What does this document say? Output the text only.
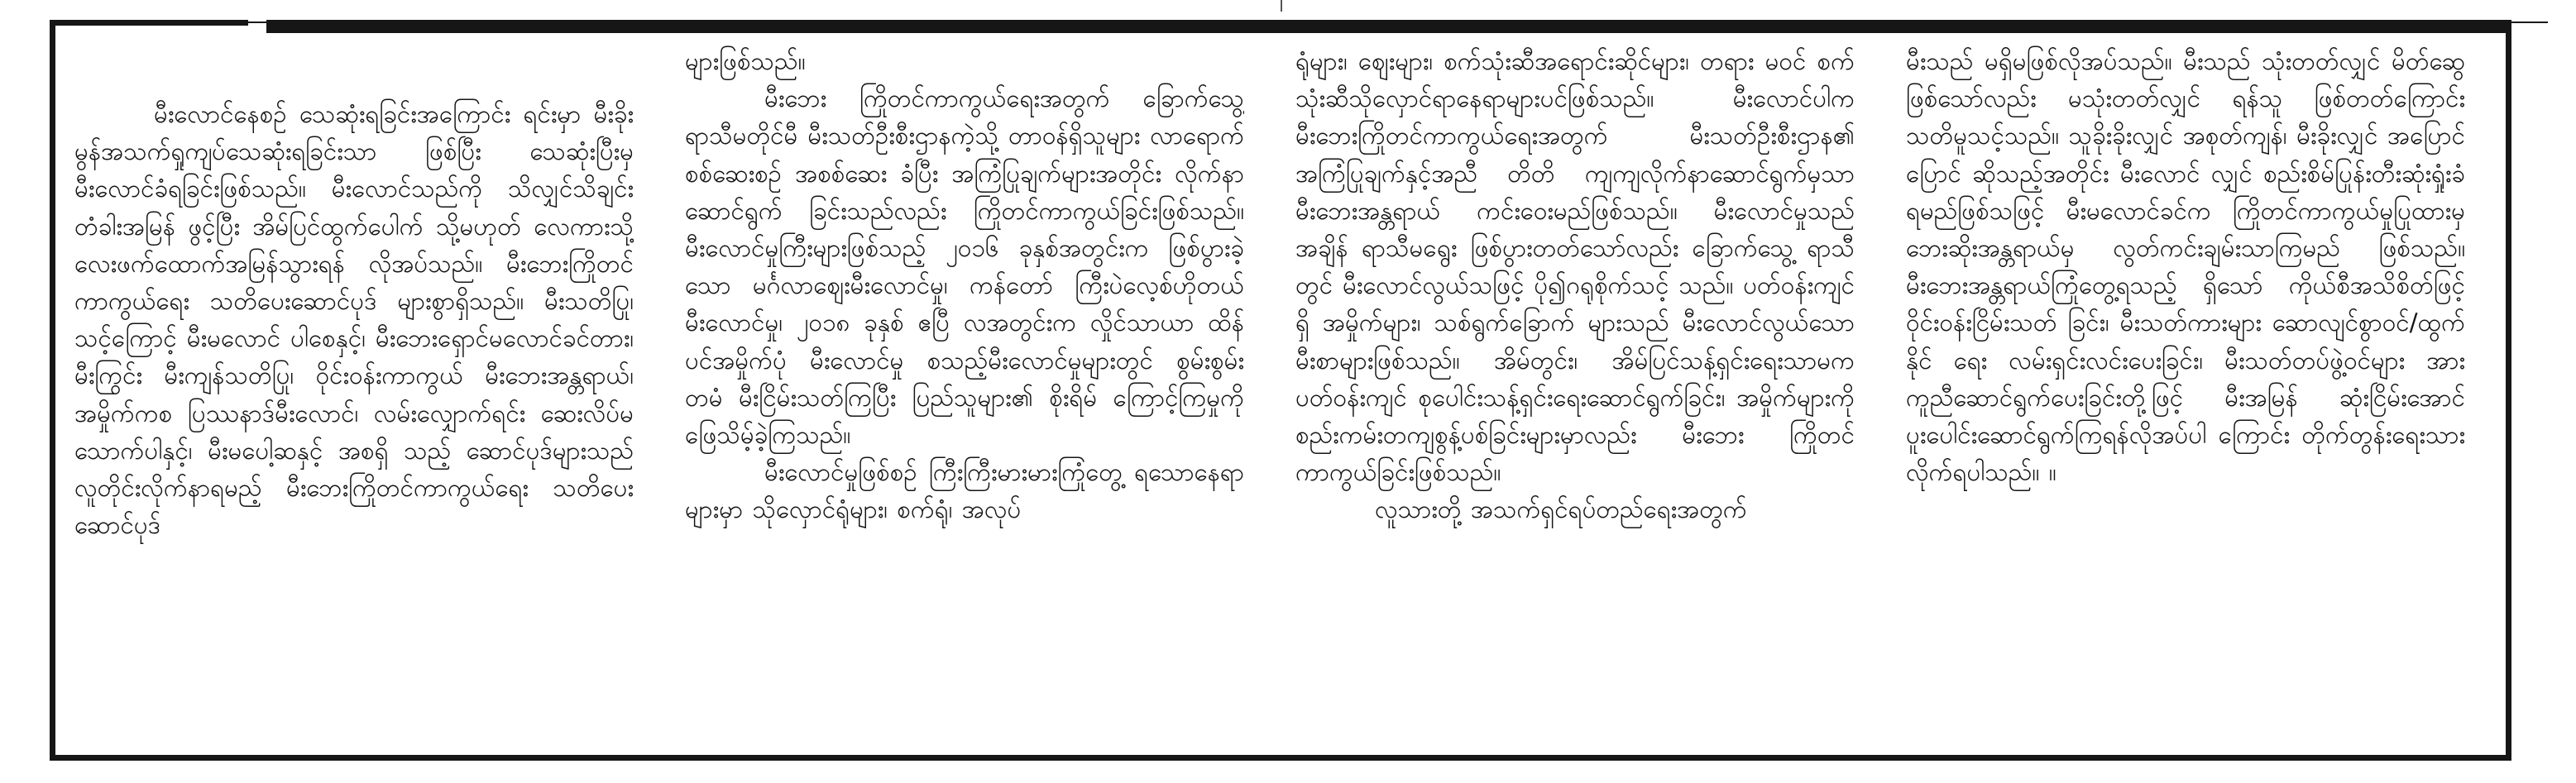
မီးလောင်နေစဉ် သေဆုံးရခြင်းအကြောင်း ရင်းမှာ မီးခိုးမွန်အသက်ရှုကျပ်သေဆုံးရခြင်းသာ ဖြစ်ပြီး သေဆုံးပြီးမှ မီးလောင်ခံရခြင်းဖြစ်သည်။ မီးလောင်သည်ကို သိလျှင်သိချင်း တံခါးအမြန် ဖွင့်ပြီး အိမ်ပြင်ထွက်ပေါက် သို့မဟုတ် လေကားသို့ လေးဖက်ထောက်အမြန်သွားရန် လိုအပ်သည်။ မီးဘေးကြိုတင်ကာကွယ်ရေး သတိပေးဆောင်ပုဒ် များစွာရှိသည်။ မီးသတိပြု၊ သင့်ကြောင့် မီးမလောင် ပါစေနှင့်၊ မီးဘေးရှောင်မလောင်ခင်တား၊ မီးကြွင်း မီးကျန်သတိပြု၊ ဝိုင်းဝန်းကာကွယ် မီးဘေးအန္တရာယ်၊ အမှိုက်ကစ ပြဿနာဒ်မီးလောင်၊ လမ်းလျှောက်ရင်း ဆေးလိပ်မသောက်ပါနှင့်၊ မီးမပေါ့ဆနှင့် အစရှိ သည့် ဆောင်ပုဒ်များသည် လူတိုင်းလိုက်နာရမည့် မီးဘေးကြိုတင်ကာကွယ်ရေး သတိပေးဆောင်ပုဒ်

များဖြစ်သည်။

မီးဘေး ကြိုတင်ကာကွယ်ရေးအတွက် ခြောက်သွေ့ရာသီမတိုင်မီ မီးသတ်ဦးစီးဌာနကဲ့သို့ တာဝန်ရှိသူများ လာရောက်စစ်ဆေးစဉ် အစစ်ဆေး ခံပြီး အကြံပြုချက်များအတိုင်း လိုက်နာဆောင်ရွက် ခြင်းသည်လည်း ကြိုတင်ကာကွယ်ခြင်းဖြစ်သည်။ မီးလောင်မှုကြီးများဖြစ်သည့် ၂၀၁၆ ခုနှစ်အတွင်းက ဖြစ်ပွားခဲ့သော မင်္ဂလာဈေးမီးလောင်မှု၊ ကန်တော် ကြီးပဲလေ့စ်ဟိုတယ်မီးလောင်မှု၊ ၂၀၁၈ ခုနှစ် ဧပြီ လအတွင်းက လှိုင်သာယာ ထိန်ပင်အမှိုက်ပုံ မီးလောင်မှု စသည့်မီးလောင်မှုများတွင် စွမ်းစွမ်း တမံ မီးငြိမ်းသတ်ကြပြီး ပြည်သူများ၏ စိုးရိမ် ကြောင့်ကြမှုကို ဖြေသိမ့်ခဲ့ကြသည်။

မီးလောင်မှုဖြစ်စဉ် ကြီးကြီးမားမားကြုံတွေ့ ရသောနေရာများမှာ သိုလှောင်ရုံများ၊ စက်ရုံ၊ အလုပ်

ရုံများ၊ ဈေးများ၊ စက်သုံးဆီအရောင်းဆိုင်များ၊ တရား မဝင် စက်သုံးဆီသိုလှောင်ရာနေရာများပင်ဖြစ်သည်။ မီးလောင်ပါက မီးဘေးကြိုတင်ကာကွယ်ရေးအတွက် မီးသတ်ဦးစီးဌာန၏ အကြံပြုချက်နှင့်အညီ တိတိ ကျကျလိုက်နာဆောင်ရွက်မှသာ မီးဘေးအန္တရာယ် ကင်းဝေးမည်ဖြစ်သည်။ မီးလောင်မှုသည် အချိန် ရာသီမရွေး ဖြစ်ပွားတတ်သော်လည်း ခြောက်သွေ့ ရာသီတွင် မီးလောင်လွယ်သဖြင့် ပို၍ဂရုစိုက်သင့် သည်။ ပတ်ဝန်းကျင်ရှိ အမှိုက်များ၊ သစ်ရွက်ခြောက် များသည် မီးလောင်လွယ်သောမီးစာများဖြစ်သည်။ အိမ်တွင်း၊ အိမ်ပြင်သန့်ရှင်းရေးသာမက ပတ်ဝန်းကျင် စုပေါင်းသန့်ရှင်းရေးဆောင်ရွက်ခြင်း၊ အမှိုက်များကို စည်းကမ်းတကျစွန့်ပစ်ခြင်းများမှာလည်း မီးဘေး ကြိုတင်ကာကွယ်ခြင်းဖြစ်သည်။

လူသားတို့ အသက်ရှင်ရပ်တည်ရေးအတွက်

မီးသည် မရှိမဖြစ်လိုအပ်သည်။ မီးသည် သုံးတတ်လျှင် မိတ်ဆွေဖြစ်သော်လည်း မသုံးတတ်လျှင် ရန်သူ ဖြစ်တတ်ကြောင်း သတိမူသင့်သည်။ သူခိုးခိုးလျှင် အစုတ်ကျန်၊ မီးခိုးလျှင် အပြောင်ပြောင် ဆိုသည့်အတိုင်း မီးလောင် လျှင် စည်းစိမ်ပြုန်းတီးဆုံးရှုံးခံရမည်ဖြစ်သဖြင့် မီးမလောင်ခင်က ကြိုတင်ကာကွယ်မှုပြုထားမှ ဘေးဆိုးအန္တရာယ်မှ လွတ်ကင်းချမ်းသာကြမည် ဖြစ်သည်။ မီးဘေးအန္တရာယ်ကြုံတွေ့ရသည့် ရှိသော် ကိုယ်စီအသိစိတ်ဖြင့် ဝိုင်းဝန်းငြိမ်းသတ် ခြင်း၊ မီးသတ်ကားများ ဆောလျင်စွာဝင်/ထွက်နိုင် ရေး လမ်းရှင်းလင်းပေးခြင်း၊ မီးသတ်တပ်ဖွဲ့ဝင်များ အား ကူညီဆောင်ရွက်ပေးခြင်းတို့ဖြင့် မီးအမြန် ဆုံးငြိမ်းအောင် ပူးပေါင်းဆောင်ရွက်ကြရန်လိုအပ်ပါ ကြောင်း တိုက်တွန်းရေးသားလိုက်ရပါသည်။ ။
